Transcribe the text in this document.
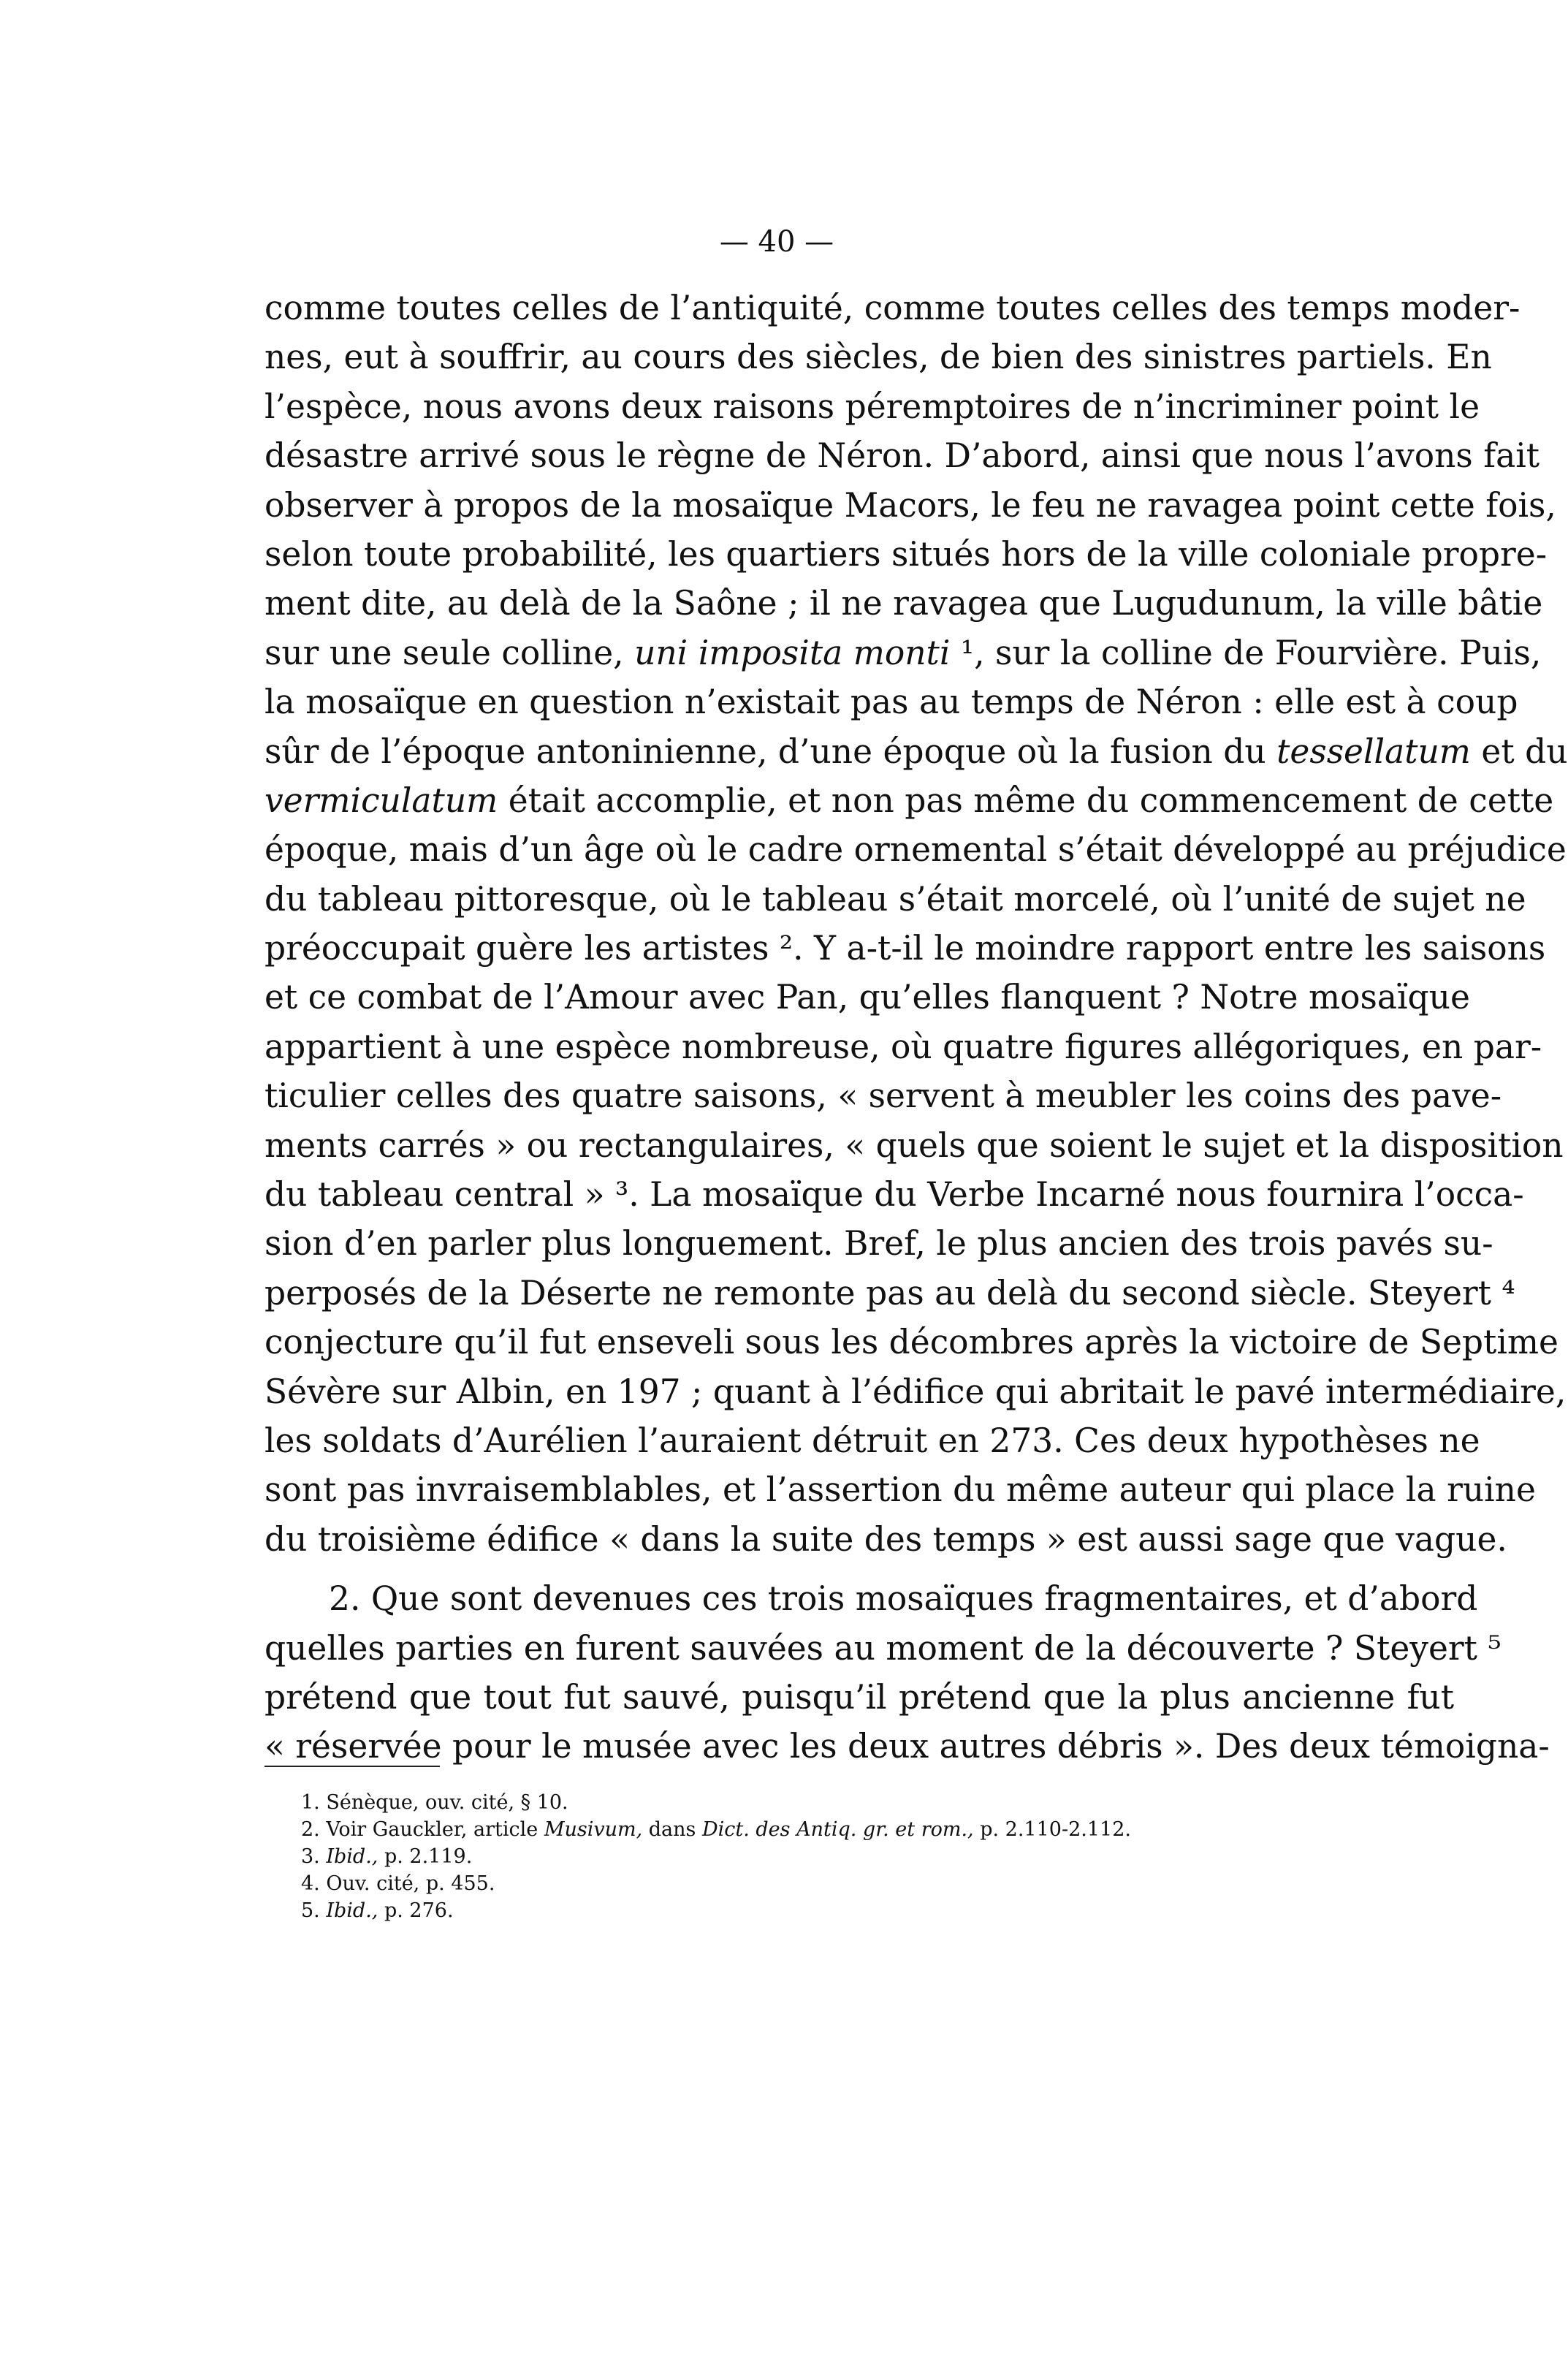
— 40 —
comme toutes celles de l’antiquité, comme toutes celles des temps moder-
nes, eut à souffrir, au cours des siècles, de bien des sinistres partiels. En
l’espèce, nous avons deux raisons péremptoires de n’incriminer point le
désastre arrivé sous le règne de Néron. D’abord, ainsi que nous l’avons fait
observer à propos de la mosaïque Macors, le feu ne ravagea point cette fois,
selon toute probabilité, les quartiers situés hors de la ville coloniale propre-
ment dite, au delà de la Saône ; il ne ravagea que Lugudunum, la ville bâtie
sur une seule colline, uni imposita monti ¹, sur la colline de Fourvière. Puis,
la mosaïque en question n’existait pas au temps de Néron : elle est à coup
sûr de l’époque antoninienne, d’une époque où la fusion du tessellatum et du
vermiculatum était accomplie, et non pas même du commencement de cette
époque, mais d’un âge où le cadre ornemental s’était développé au préjudice
du tableau pittoresque, où le tableau s’était morcelé, où l’unité de sujet ne
préoccupait guère les artistes ². Y a-t-il le moindre rapport entre les saisons
et ce combat de l’Amour avec Pan, qu’elles flanquent ? Notre mosaïque
appartient à une espèce nombreuse, où quatre figures allégoriques, en par-
ticulier celles des quatre saisons, « servent à meubler les coins des pave-
ments carrés » ou rectangulaires, « quels que soient le sujet et la disposition
du tableau central » ³. La mosaïque du Verbe Incarné nous fournira l’occa-
sion d’en parler plus longuement. Bref, le plus ancien des trois pavés su-
perposés de la Déserte ne remonte pas au delà du second siècle. Steyert ⁴
conjecture qu’il fut enseveli sous les décombres après la victoire de Septime
Sévère sur Albin, en 197 ; quant à l’édifice qui abritait le pavé intermédiaire,
les soldats d’Aurélien l’auraient détruit en 273. Ces deux hypothèses ne
sont pas invraisemblables, et l’assertion du même auteur qui place la ruine
du troisième édifice « dans la suite des temps » est aussi sage que vague.
2. Que sont devenues ces trois mosaïques fragmentaires, et d’abord
quelles parties en furent sauvées au moment de la découverte ? Steyert ⁵
prétend que tout fut sauvé, puisqu’il prétend que la plus ancienne fut
« réservée pour le musée avec les deux autres débris ». Des deux témoigna-
1. Sénèque, ouv. cité, § 10.
2. Voir Gauckler, article Musivum, dans Dict. des Antiq. gr. et rom., p. 2.110-2.112.
3. Ibid., p. 2.119.
4. Ouv. cité, p. 455.
5. Ibid., p. 276.
